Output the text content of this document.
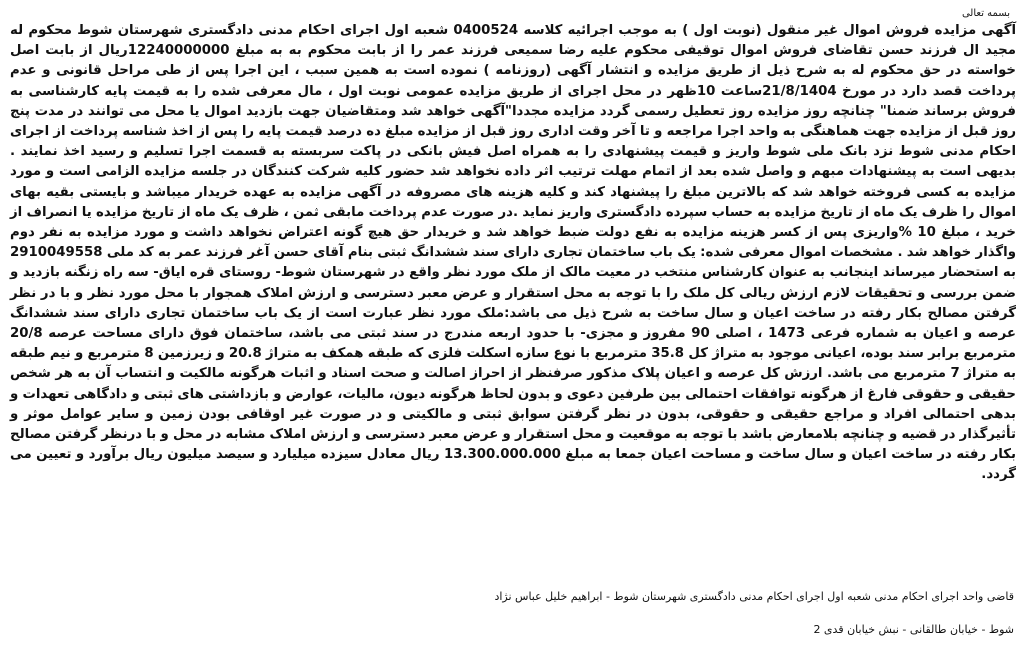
بسمه تعالی

آگهی مزایده فروش اموال غیر منقول (نوبت اول ) به موجب اجرائیه کلاسه 0400524 شعبه اول اجرای احکام مدنی دادگستری شهرستان شوط محکوم له مجید ال فرزند حسن تقاضای فروش اموال توقیفی محکوم علیه رضا سمیعی فرزند عمر را از بابت محکوم به به مبلغ 12240000000ریال از بابت اصل خواسته در حق محکوم له به شرح ذیل از طریق مزایده و انتشار آگهی (روزنامه ) نموده است به همین سبب ، این اجرا پس از طی مراحل قانونی و عدم پرداخت قصد دارد در مورخ 21/8/1404ساعت 10ظهر در محل اجرای از طریق مزایده عمومی نوبت اول ، مال معرفی شده را به قیمت پایه کارشناسی به فروش برساند ضمنا" چنانچه روز مزایده روز تعطیل رسمی گردد مزایده مجددا"آگهی خواهد شد ومتقاضیان جهت بازدید اموال یا محل می توانند در مدت پنج روز قبل از مزایده جهت هماهنگی به واحد اجرا مراجعه و تا آخر وقت اداری روز قبل از مزایده مبلغ ده درصد قیمت پایه را پس از اخذ شناسه پرداخت از اجرای احکام مدنی شوط نزد بانک ملی شوط واریز و قیمت پیشنهادی را به همراه اصل فیش بانکی در پاکت سربسته به قسمت اجرا تسلیم و رسید اخذ نمایند . بدیهی است به پیشنهادات مبهم و واصل شده بعد از اتمام مهلت ترتیب اثر داده نخواهد شد حضور کلیه شرکت کنندگان در جلسه مزایده الزامی است و مورد مزایده به کسی فروخته خواهد شد که بالاترین مبلغ را پیشنهاد کند و کلیه هزینه های مصروفه در آگهی مزایده به عهده خریدار میباشد و بایستی بقیه بهای اموال را ظرف یک ماه از تاریخ مزایده به حساب سپرده دادگستری واریز نماید .در صورت عدم پرداخت مابقی ثمن ، ظرف یک ماه از تاریخ مزایده یا انصراف از خرید ، مبلغ 10 %واریزی پس از کسر هزینه مزایده به نفع دولت ضبط خواهد شد و خریدار حق هیچ گونه اعتراض نخواهد داشت و مورد مزایده به نفر دوم واگذار خواهد شد . مشخصات اموال معرفی شده: یک باب ساختمان تجاری دارای سند ششدانگ ثبتی بنام آقای حسن آغر فرزند عمر به کد ملی 2910049558 به استحضار میرساند اینجانب به عنوان کارشناس منتخب در معیت مالک از ملک مورد نظر واقع در شهرستان شوط- روستای قره ایاق- سه راه زنگنه بازدید و ضمن بررسی و تحقیقات لازم ارزش ریالی کل ملک را با توجه به محل استقرار و عرض معبر دسترسی و ارزش املاک همجوار با محل مورد نظر و با در نظر گرفتن مصالح بکار رفته در ساخت اعیان و سال ساخت به شرح ذیل می باشد:ملک مورد نظر عبارت است از یک باب ساختمان تجاری دارای سند ششدانگ عرصه و اعیان به شماره فرعی 1473 ، اصلی 90 مفروز و مجزی- با حدود اربعه مندرج در سند ثبتی می باشد، ساختمان فوق دارای مساحت عرصه 20/8 مترمربع برابر سند بوده، اعیانی موجود به متراژ کل 35.8 مترمربع با نوع سازه اسکلت فلزی که طبقه همکف به متراژ 20.8 و زیرزمین 8 مترمربع و نیم طبقه به متراژ 7 مترمربع می باشد. ارزش کل عرصه و اعیان پلاک مذکور صرفنظر از احراز اصالت و صحت اسناد و اثبات هرگونه مالکیت و انتساب آن به هر شخص حقیقی و حقوقی فارغ از هرگونه توافقات احتمالی بین طرفین دعوی و بدون لحاظ هرگونه دیون، مالیات، عوارض و بازداشتی های ثبتی و دادگاهی تعهدات و بدهی احتمالی افراد و مراجع حقیقی و حقوقی، بدون در نظر گرفتن سوابق ثبتی و مالکیتی و در صورت غیر اوقافی بودن زمین و سایر عوامل موثر و تأثیرگذار در قضیه و چنانچه بلامعارض باشد با توجه به موقعیت و محل استقرار و عرض معبر دسترسی و ارزش املاک مشابه در محل و با درنظر گرفتن مصالح بکار رفته در ساخت اعیان و سال ساخت و مساحت اعیان جمعا به مبلغ 13.300.000.000 ریال معادل سیزده میلیارد و سیصد میلیون ریال برآورد و تعیین می گردد.

قاضی واحد اجرای احکام مدنی شعبه اول اجرای احکام مدنی دادگستری شهرستان شوط - ابراهیم خلیل عباس نژاد
شوط - خیابان طالقانی - نبش خیابان قدی 2
